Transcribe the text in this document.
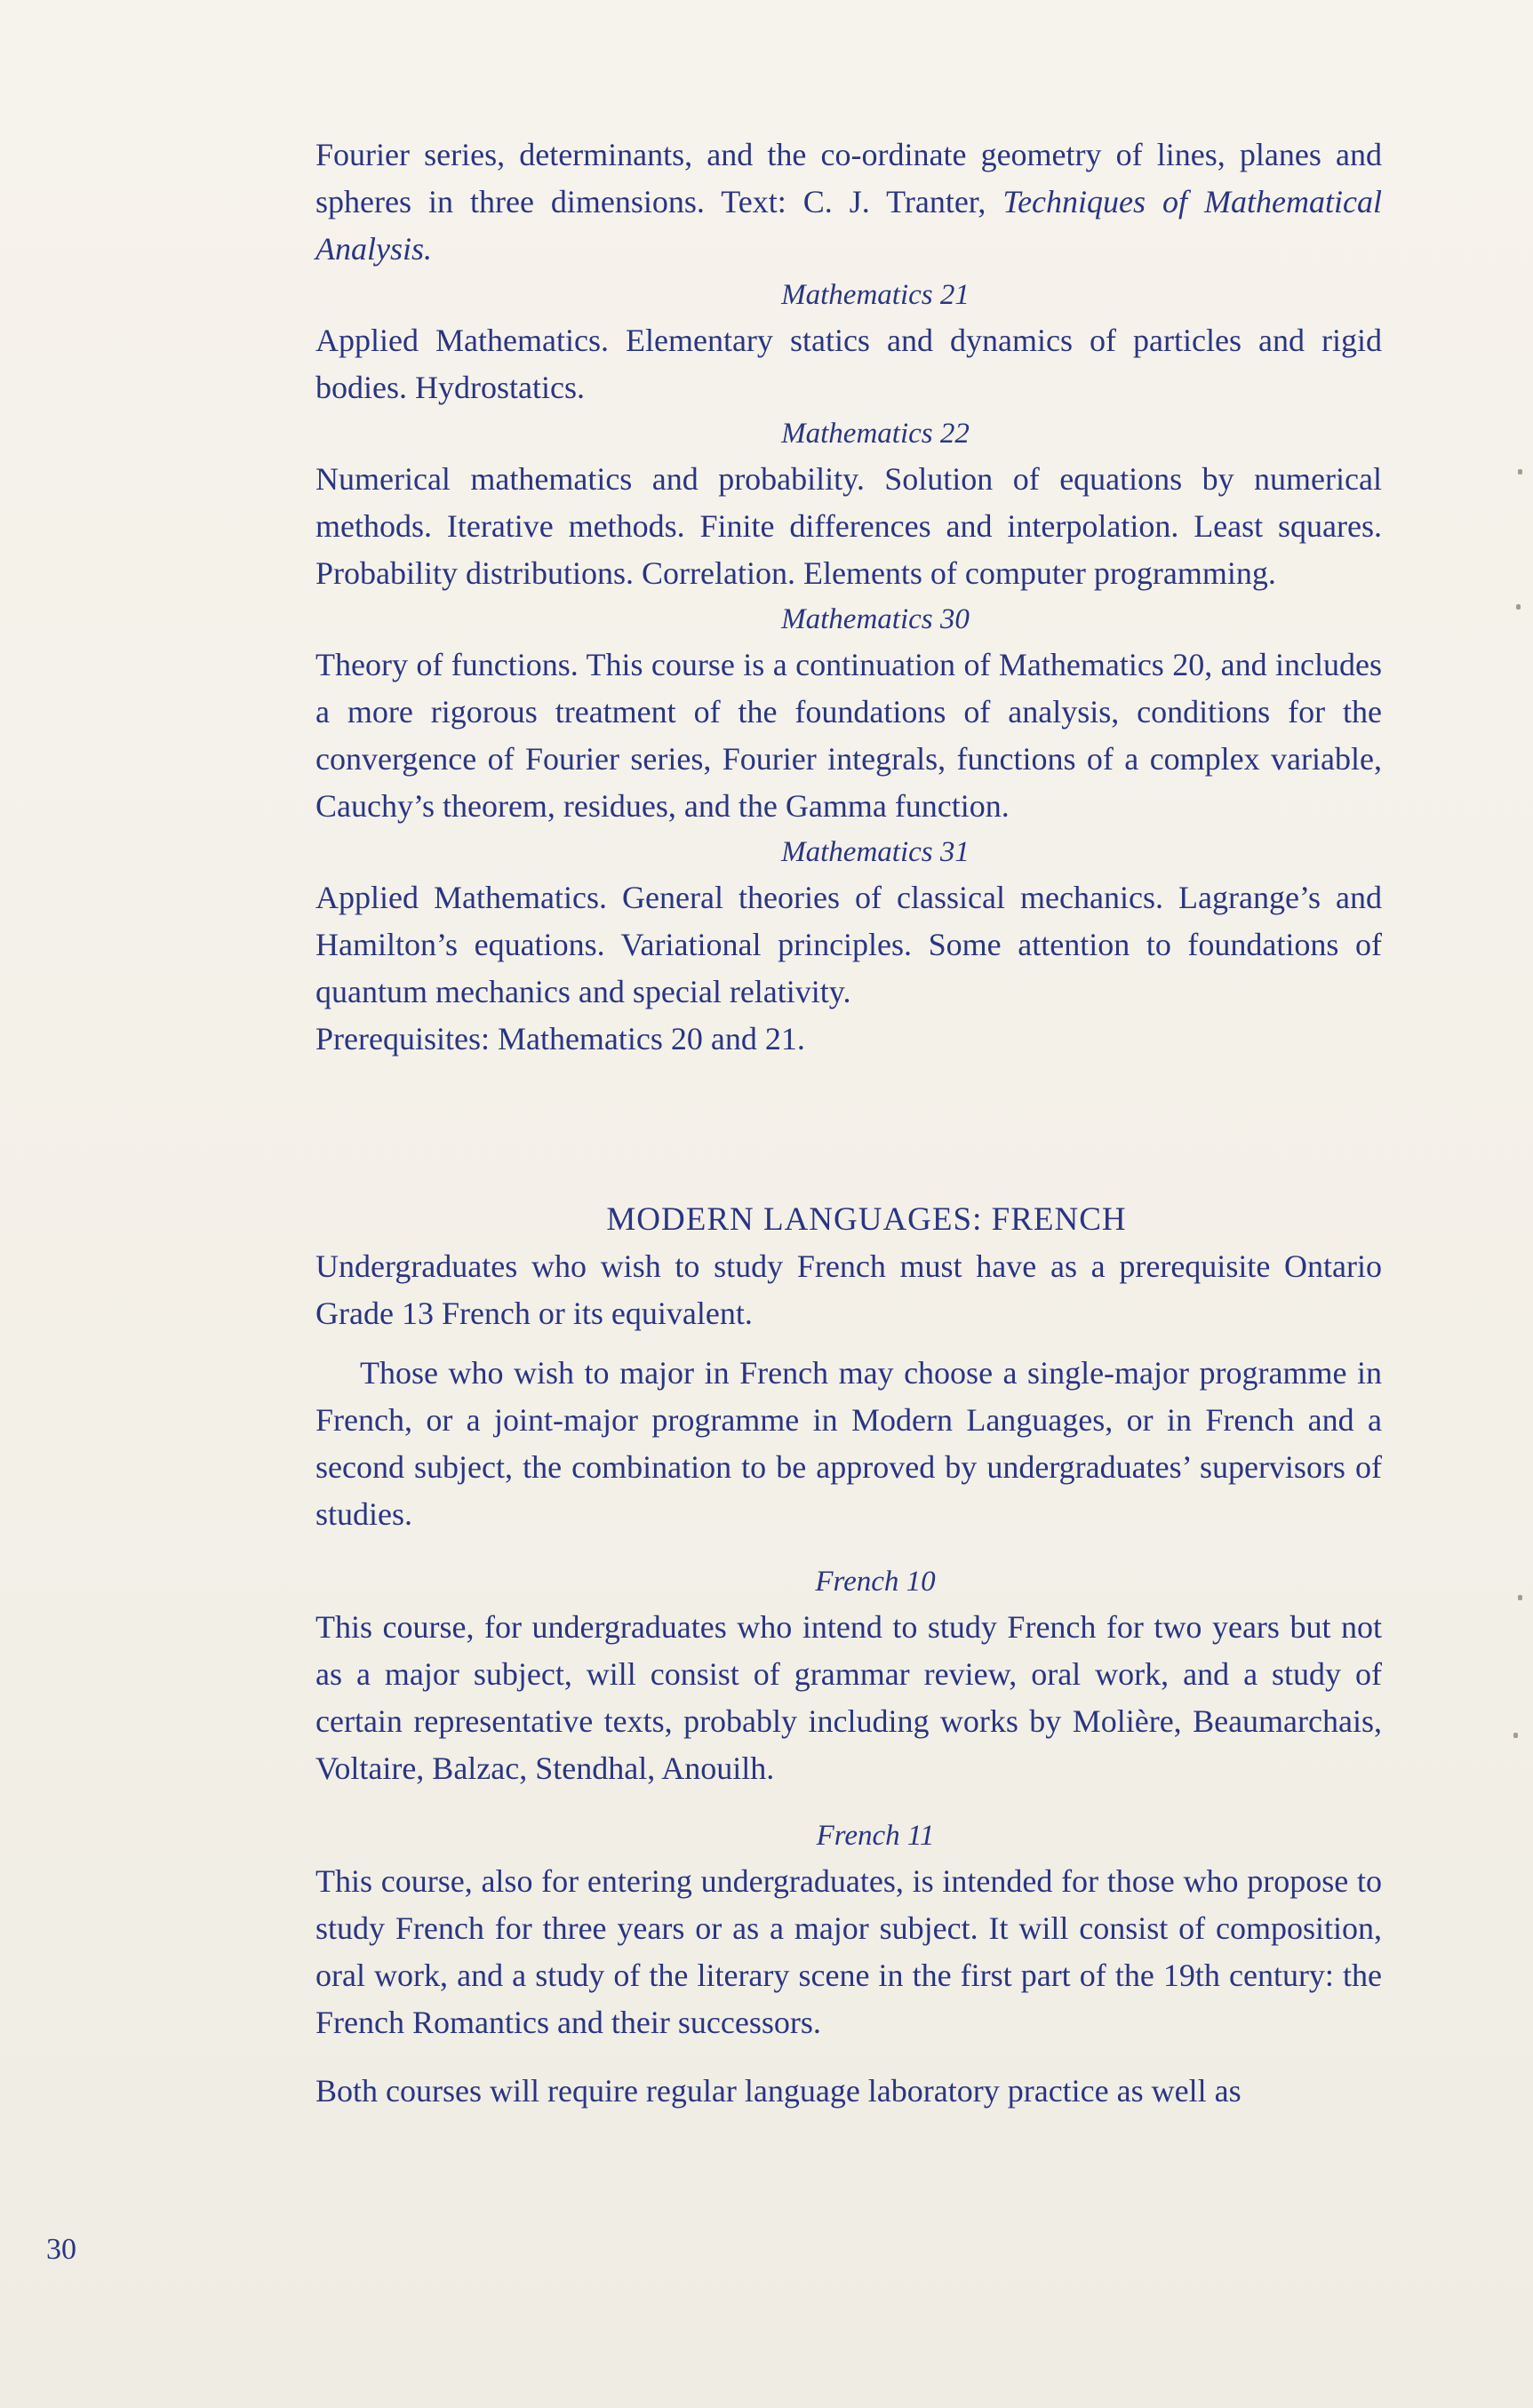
Fourier series, determinants, and the co-ordinate geometry of lines, planes and spheres in three dimensions. Text: C. J. Tranter, Techniques of Mathematical Analysis.

Mathematics 21

Applied Mathematics. Elementary statics and dynamics of particles and rigid bodies. Hydrostatics.

Mathematics 22

Numerical mathematics and probability. Solution of equations by numerical methods. Iterative methods. Finite differences and interpolation. Least squares. Probability distributions. Correlation. Elements of computer programming.

Mathematics 30

Theory of functions. This course is a continuation of Mathematics 20, and includes a more rigorous treatment of the foundations of analysis, conditions for the convergence of Fourier series, Fourier integrals, functions of a complex variable, Cauchy’s theorem, residues, and the Gamma function.

Mathematics 31

Applied Mathematics. General theories of classical mechanics. Lagrange’s and Hamilton’s equations. Variational principles. Some attention to foundations of quantum mechanics and special relativity.

Prerequisites: Mathematics 20 and 21.

MODERN LANGUAGES: FRENCH

Undergraduates who wish to study French must have as a prerequisite Ontario Grade 13 French or its equivalent.

Those who wish to major in French may choose a single-major programme in French, or a joint-major programme in Modern Languages, or in French and a second subject, the combination to be approved by undergraduates’ supervisors of studies.

French 10

This course, for undergraduates who intend to study French for two years but not as a major subject, will consist of grammar review, oral work, and a study of certain representative texts, probably including works by Molière, Beaumarchais, Voltaire, Balzac, Stendhal, Anouilh.

French 11

This course, also for entering undergraduates, is intended for those who propose to study French for three years or as a major subject. It will consist of composition, oral work, and a study of the literary scene in the first part of the 19th century: the French Romantics and their successors.

Both courses will require regular language laboratory practice as well as

30
